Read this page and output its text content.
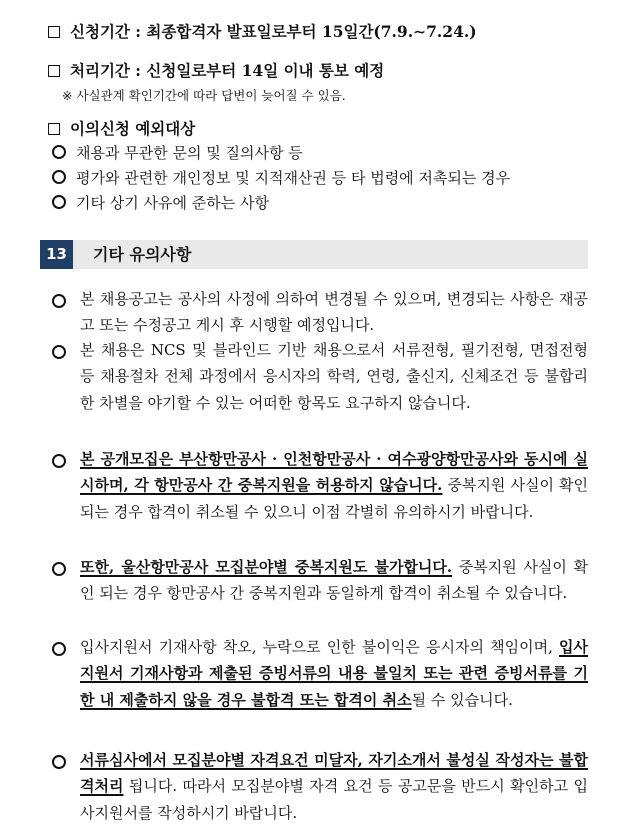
신청기간 : 최종합격자 발표일로부터 15일간(7.9.∼7.24.)
처리기간 : 신청일로부터 14일 이내 통보 예정
※ 사실관계 확인기간에 따라 답변이 늦어질 수 있음.
이의신청 예외대상
채용과 무관한 문의 및 질의사항 등
평가와 관련한 개인정보 및 지적재산권 등 타 법령에 저촉되는 경우
기타 상기 사유에 준하는 사항
13	기타 유의사항
본 채용공고는 공사의 사정에 의하여 변경될 수 있으며, 변경되는 사항은 재공고 또는 수정공고 게시 후 시행할 예정입니다.
본 채용은 NCS 및 블라인드 기반 채용으로서 서류전형, 필기전형, 면접전형 등 채용절차 전체 과정에서 응시자의 학력, 연령, 출신지, 신체조건 등 불합리한 차별을 야기할 수 있는 어떠한 항목도 요구하지 않습니다.
본 공개모집은 부산항만공사 · 인천항만공사 · 여수광양항만공사와 동시에 실시하며, 각 항만공사 간 중복지원을 허용하지 않습니다. 중복지원 사실이 확인되는 경우 합격이 취소될 수 있으니 이점 각별히 유의하시기 바랍니다.
또한, 울산항만공사 모집분야별 중복지원도 불가합니다. 중복지원 사실이 확인 되는 경우 항만공사 간 중복지원과 동일하게 합격이 취소될 수 있습니다.
입사지원서 기재사항 착오, 누락으로 인한 불이익은 응시자의 책임이며, 입사지원서 기재사항과 제출된 증빙서류의 내용 불일치 또는 관련 증빙서류를 기한 내 제출하지 않을 경우 불합격 또는 합격이 취소될 수 있습니다.
서류심사에서 모집분야별 자격요건 미달자, 자기소개서 불성실 작성자는 불합격처리 됩니다. 따라서 모집분야별 자격 요건 등 공고문을 반드시 확인하고 입사지원서를 작성하시기 바랍니다.
